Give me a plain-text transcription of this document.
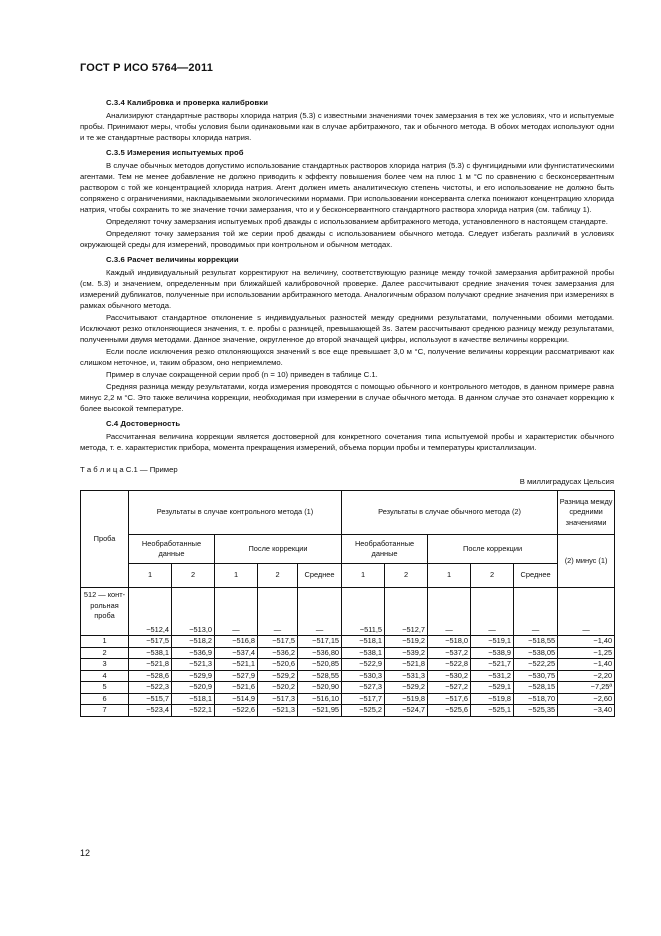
ГОСТ Р ИСО 5764—2011
С.3.4 Калибровка и проверка калибровки

Анализируют стандартные растворы хлорида натрия (5.3) с известными значениями точек замерзания в тех же условиях, что и испытуемые пробы. Принимают меры, чтобы условия были одинаковыми как в случае арбитражного, так и обычного метода. В обоих методах используют одни и те же стандартные растворы хлорида натрия.

С.3.5 Измерения испытуемых проб

В случае обычных методов допустимо использование стандартных растворов хлорида натрия (5.3) с фунгицидными или фунгистатическими агентами. Тем не менее добавление не должно приводить к эффекту повышения более чем на плюс 1 м °С по сравнению с бесконсервантным раствором с той же концентрацией хлорида натрия. Агент должен иметь аналитическую степень чистоты, и его использование не должно быть сопряжено с ограничениями, накладываемыми экологическими нормами. При использовании консерванта слегка понижают концентрацию хлорида натрия, чтобы сохранить то же значение точки замерзания, что и у бесконсервантного стандартного раствора хлорида натрия (см. таблицу 1).

Определяют точку замерзания испытуемых проб дважды с использованием арбитражного метода, установленного в настоящем стандарте.

Определяют точку замерзания той же серии проб дважды с использованием обычного метода. Следует избегать различий в условиях окружающей среды для измерений, проводимых при контрольном и обычном методах.

С.3.6 Расчет величины коррекции

Каждый индивидуальный результат корректируют на величину, соответствующую разнице между точкой замерзания арбитражной пробы (см. 5.3) и значением, определенным при ближайшей калибровочной проверке. Далее рассчитывают средние значения точек замерзания для измерений дубликатов, полученные при использовании арбитражного метода. Аналогичным образом получают средние значения при измерениях в рамках обычного метода.

Рассчитывают стандартное отклонение s индивидуальных разностей между средними результатами, полученными обоими методами. Исключают резко отклоняющиеся значения, т. е. пробы с разницей, превышающей 3s. Затем рассчитывают среднюю разницу между результатами, полученными двумя методами. Данное значение, округленное до второй значащей цифры, используют в качестве величины коррекции.

Если после исключения резко отклоняющихся значений s все еще превышает 3,0 м °С, получение величины коррекции рассматривают как слишком неточное, и, таким образом, оно неприемлемо.

Пример в случае сокращенной серии проб (n = 10) приведен в таблице С.1.

Средняя разница между результатами, когда измерения проводятся с помощью обычного и контрольного методов, в данном примере равна минус 2,2 м °С. Это также величина коррекции, необходимая при измерении в случае обычного метода. В данном случае это означает коррекцию к более высокой температуре.

С.4 Достоверность

Рассчитанная величина коррекции является достоверной для конкретного сочетания типа испытуемой пробы и характеристик обычного метода, т. е. характеристик прибора, момента прекращения измерений, объема порции пробы и температуры кристаллизации.

Т а б л и ц а С.1 — Пример
В миллиградусах Цельсия
Проба	Результаты в случае контрольного метода (1)					Результаты в случае обычного метода (2)					Разница между средними значениями
	Необработанные данные		После коррекции			Необработанные данные		После коррекции			(2) минус (1)
	1	2	1	2	Среднее	1	2	1	2	Среднее	
512 — конт-рольная проба	−512,4	−513,0	—	—	—	−511,5	−512,7	—	—	—	—
1	−517,5	−518,2	−516,8	−517,5	−517,15	−518,1	−519,2	−518,0	−519,1	−518,55	−1,40
2	−538,1	−536,9	−537,4	−536,2	−536,80	−538,1	−539,2	−537,2	−538,9	−538,05	−1,25
3	−521,8	−521,3	−521,1	−520,6	−520,85	−522,9	−521,8	−522,8	−521,7	−522,25	−1,40
4	−528,6	−529,9	−527,9	−529,2	−528,55	−530,3	−531,3	−530,2	−531,2	−530,75	−2,20
5	−522,3	−520,9	−521,6	−520,2	−520,90	−527,3	−529,2	−527,2	−529,1	−528,15	−7,25ª
6	−515,7	−518,1	−514,9	−517,3	−516,10	−517,7	−519,8	−517,6	−519,8	−518,70	−2,60
7	−523,4	−522,1	−522,6	−521,3	−521,95	−525,2	−524,7	−525,6	−525,1	−525,35	−3,40
12
